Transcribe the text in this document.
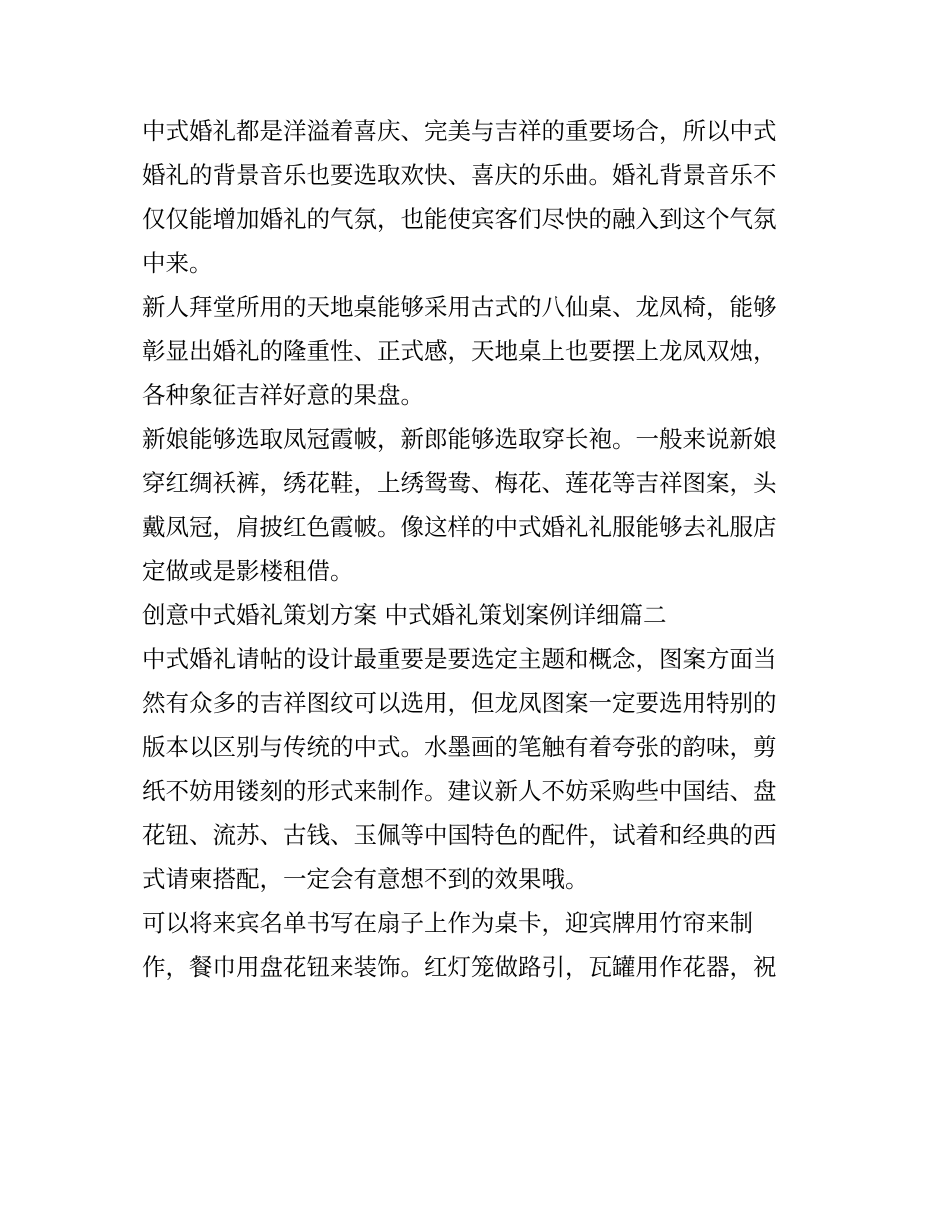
中式婚礼都是洋溢着喜庆、完美与吉祥的重要场合，所以中式
婚礼的背景音乐也要选取欢快、喜庆的乐曲。婚礼背景音乐不
仅仅能增加婚礼的气氛，也能使宾客们尽快的融入到这个气氛
中来。
新人拜堂所用的天地桌能够采用古式的八仙桌、龙凤椅，能够
彰显出婚礼的隆重性、正式感，天地桌上也要摆上龙凤双烛，
各种象征吉祥好意的果盘。
新娘能够选取凤冠霞帔，新郎能够选取穿长袍。一般来说新娘
穿红绸袄裤，绣花鞋，上绣鸳鸯、梅花、莲花等吉祥图案，头
戴凤冠，肩披红色霞帔。像这样的中式婚礼礼服能够去礼服店
定做或是影楼租借。
创意中式婚礼策划方案 中式婚礼策划案例详细篇二
中式婚礼请帖的设计最重要是要选定主题和概念，图案方面当
然有众多的吉祥图纹可以选用，但龙凤图案一定要选用特别的
版本以区别与传统的中式。水墨画的笔触有着夸张的韵味，剪
纸不妨用镂刻的形式来制作。建议新人不妨采购些中国结、盘
花钮、流苏、古钱、玉佩等中国特色的配件，试着和经典的西
式请柬搭配，一定会有意想不到的效果哦。
可以将来宾名单书写在扇子上作为桌卡，迎宾牌用竹帘来制
作，餐巾用盘花钮来装饰。红灯笼做路引，瓦罐用作花器，祝
